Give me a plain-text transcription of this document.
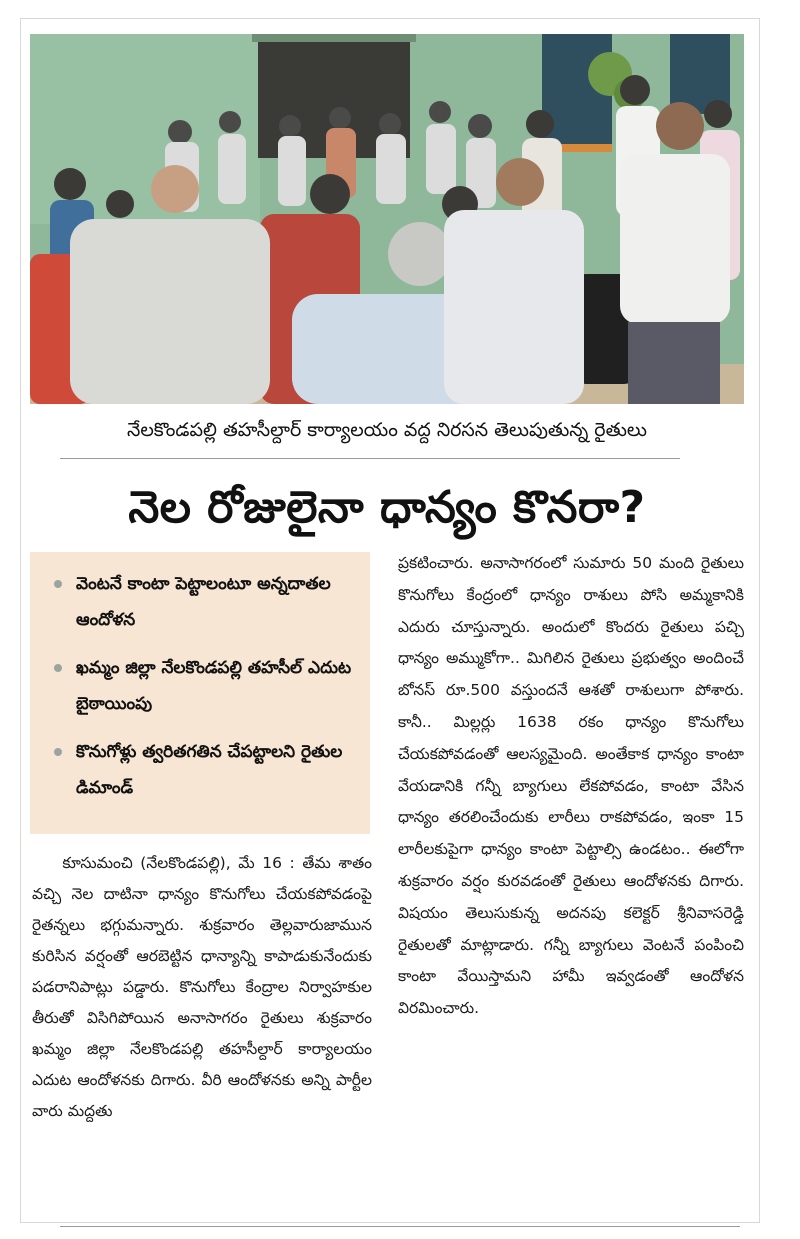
నేలకొండపల్లి తహసీల్దార్ కార్యాలయం వద్ద నిరసన తెలుపుతున్న రైతులు
నెల రోజులైనా ధాన్యం కొనరా?
వెంటనే కాంటా పెట్టాలంటూ అన్నదాతల ఆందోళన
ఖమ్మం జిల్లా నేలకొండపల్లి తహసీల్ ఎదుట బైఠాయింపు
కొనుగోళ్లు త్వరితగతిన చేపట్టాలని రైతుల డిమాండ్

కూసుమంచి (నేలకొండపల్లి), మే 16 : తేమ శాతం వచ్చి నెల దాటినా ధాన్యం కొనుగోలు చేయకపోవడంపై రైతన్నలు భగ్గుమన్నారు. శుక్రవారం తెల్లవారుజామున కురిసిన వర్షంతో ఆరబెట్టిన ధాన్యాన్ని కాపాడుకునేందుకు పడరానిపాట్లు పడ్డారు. కొనుగోలు కేంద్రాల నిర్వాహకుల తీరుతో విసిగిపోయిన అనాసాగరం రైతులు శుక్రవారం ఖమ్మం జిల్లా నేలకొండపల్లి తహసీల్దార్ కార్యాలయం ఎదుట ఆందోళనకు దిగారు. వీరి ఆందోళనకు అన్ని పార్టీల వారు మద్దతు

ప్రకటించారు. అనాసాగరంలో సుమారు 50 మంది రైతులు కొనుగోలు కేంద్రంలో ధాన్యం రాశులు పోసి అమ్మకానికి ఎదురు చూస్తున్నారు. అందులో కొందరు రైతులు పచ్చి ధాన్యం అమ్ముకోగా.. మిగిలిన రైతులు ప్రభుత్వం అందించే బోనస్ రూ.500 వస్తుందనే ఆశతో రాశులుగా పోశారు. కానీ.. మిల్లర్లు 1638 రకం ధాన్యం కొనుగోలు చేయకపోవడంతో ఆలస్యమైంది. అంతేకాక ధాన్యం కాంటా వేయడానికి గన్నీ బ్యాగులు లేకపోవడం, కాంటా వేసిన ధాన్యం తరలించేందుకు లారీలు రాకపోవడం, ఇంకా 15 లారీలకుపైగా ధాన్యం కాంటా పెట్టాల్సి ఉండటం.. ఈలోగా శుక్రవారం వర్షం కురవడంతో రైతులు ఆందోళనకు దిగారు. విషయం తెలుసుకున్న అదనపు కలెక్టర్ శ్రీనివాసరెడ్డి రైతులతో మాట్లాడారు. గన్నీ బ్యాగులు వెంటనే పంపించి కాంటా వేయిస్తామని హామీ ఇవ్వడంతో ఆందోళన విరమించారు.
